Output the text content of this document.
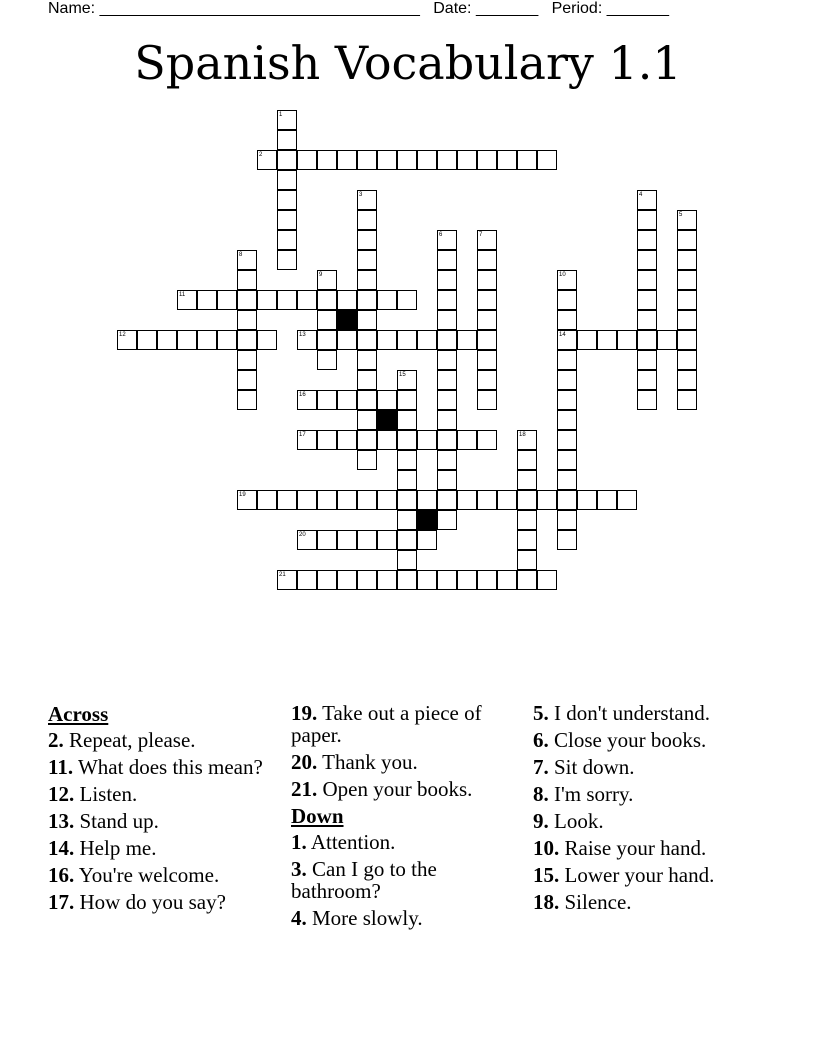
Name: ____________________________________   Date: _______   Period: _______
Spanish Vocabulary 1.1
1
2
3	4
5
6	7
8
9	10
11
12	13	14
15
16
17	18
19
20
21
Across
2. Repeat, please.
11. What does this mean?
12. Listen.
13. Stand up.
14. Help me.
16. You're welcome.
17. How do you say?
19. Take out a piece of paper.
20. Thank you.
21. Open your books.
Down
1. Attention.
3. Can I go to the bathroom?
4. More slowly.
5. I don't understand.
6. Close your books.
7. Sit down.
8. I'm sorry.
9. Look.
10. Raise your hand.
15. Lower your hand.
18. Silence.
